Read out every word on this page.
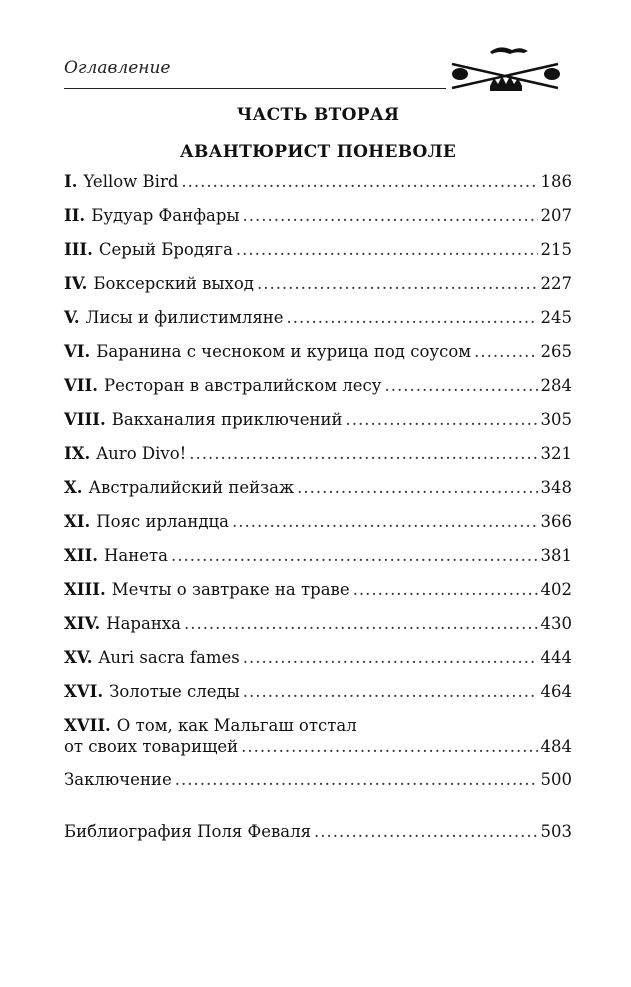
Оглавление
ЧАСТЬ ВТОРАЯ
АВАНТЮРИСТ ПОНЕВОЛЕ
I. Yellow Bird .....	186
II. Будуар Фанфары .....	207
III. Серый Бродяга .....	215
IV. Боксерский выход .....	227
V. Лисы и филистимляне .....	245
VI. Баранина с чесноком и курица под соусом .....	265
VII. Ресторан в австралийском лесу .....	284
VIII. Вакханалия приключений .....	305
IX. Auro Divo! .....	321
X. Австралийский пейзаж .....	348
XI. Пояс ирландца .....	366
XII. Нанета .....	381
XIII. Мечты о завтраке на траве .....	402
XIV. Наранха .....	430
XV. Auri sacra fames .....	444
XVI. Золотые следы .....	464
XVII. О том, как Мальгаш отстал
от своих товарищей .....	484
Заключение .....	500
Библиография Поля Феваля .....	503
